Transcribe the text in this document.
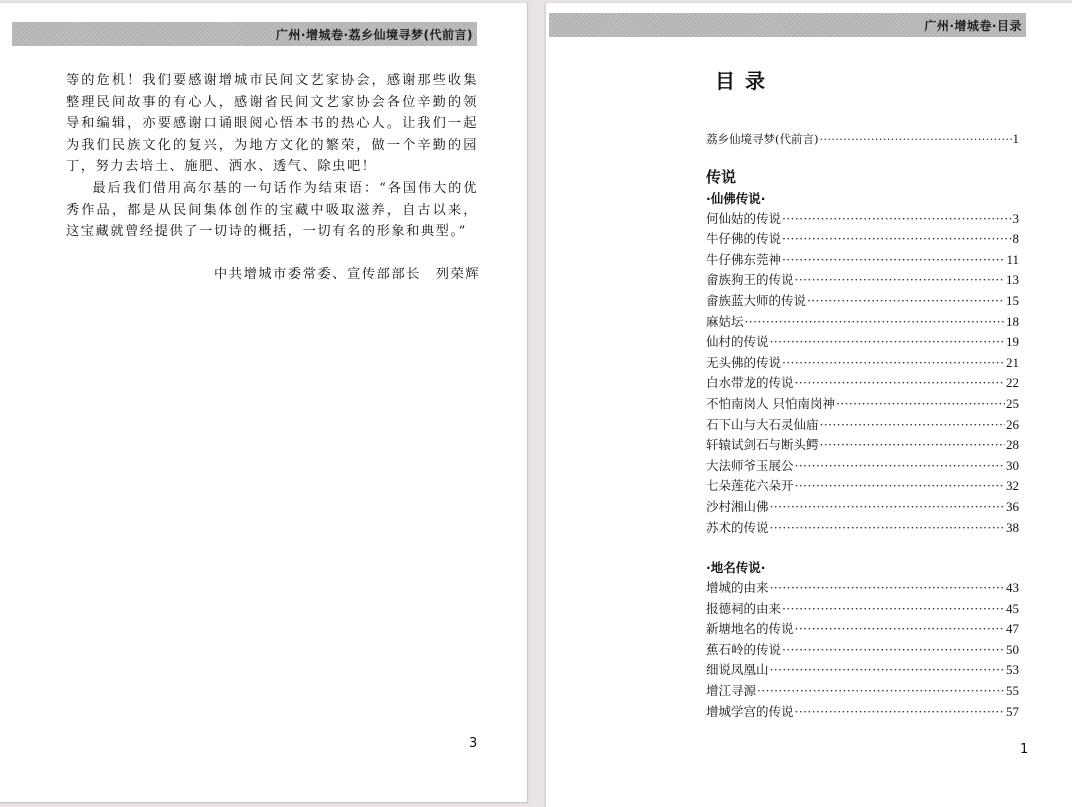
广州·增城卷·荔乡仙境寻梦(代前言)

等的危机！我们要感谢增城市民间文艺家协会，感谢那些收集整理民间故事的有心人，感谢省民间文艺家协会各位辛勤的领导和编辑，亦要感谢口诵眼阅心悟本书的热心人。让我们一起为我们民族文化的复兴，为地方文化的繁荣，做一个辛勤的园丁，努力去培土、施肥、洒水、透气、除虫吧！

最后我们借用高尔基的一句话作为结束语：“各国伟大的优秀作品，都是从民间集体创作的宝藏中吸取滋养，自古以来，这宝藏就曾经提供了一切诗的概括，一切有名的形象和典型。”

中共增城市委常委、宣传部部长　列荣辉
3
广州·增城卷·目录
目录
荔乡仙境寻梦(代前言) ·····	1
传说
·仙佛传说·
何仙姑的传说 ·····	3
牛仔佛的传说 ·····	8
牛仔佛东莞神 ·····	11
畲族狗王的传说 ·····	13
畲族蓝大师的传说 ·····	15
麻姑坛 ·····	18
仙村的传说 ·····	19
无头佛的传说 ·····	21
白水带龙的传说 ·····	22
不怕南岗人 只怕南岗神 ·····	25
石下山与大石灵仙庙 ·····	26
轩辕试剑石与断头鳄 ·····	28
大法师爷玉展公 ·····	30
七朵莲花六朵开 ·····	32
沙村湘山佛 ·····	36
苏术的传说 ·····	38
·地名传说·
增城的由来 ·····	43
报德祠的由来 ·····	45
新塘地名的传说 ·····	47
蕉石岭的传说 ·····	50
细说凤凰山 ·····	53
增江寻源 ·····	55
增城学宫的传说 ·····	57
1
